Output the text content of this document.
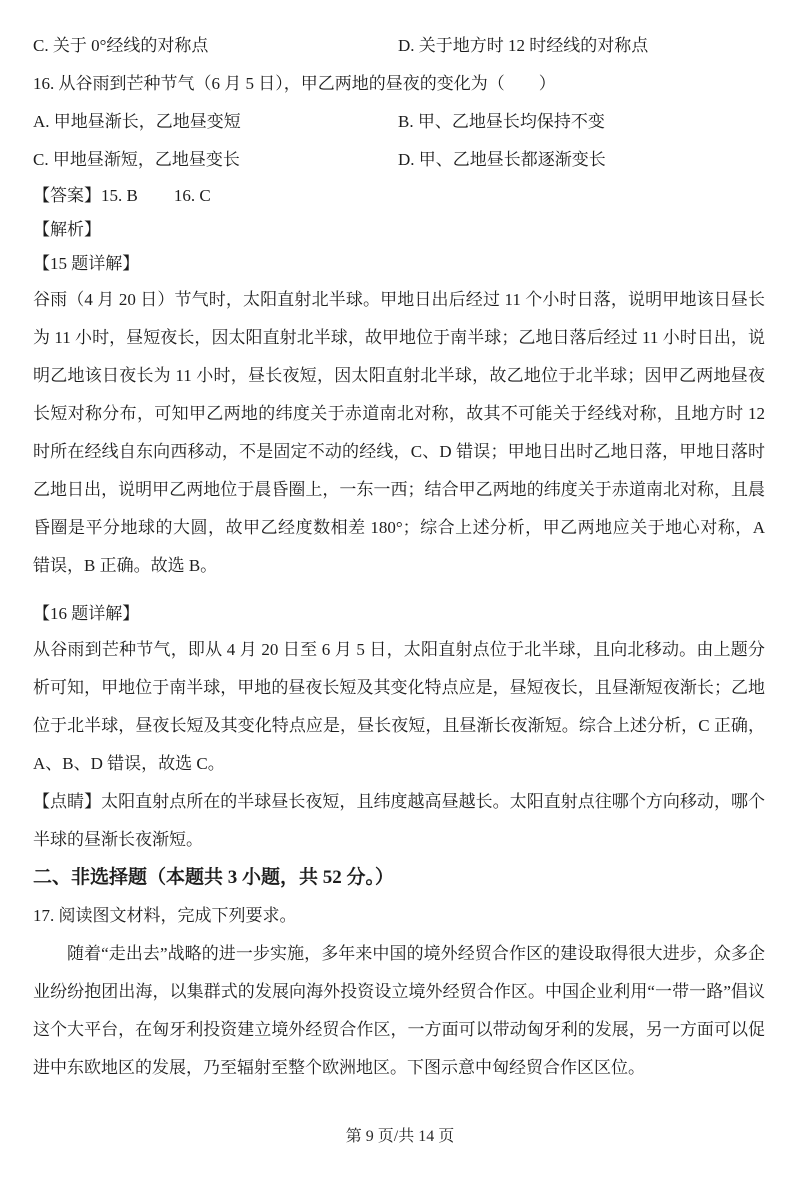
C. 关于 0°经线的对称点	D. 关于地方时 12 时经线的对称点
16. 从谷雨到芒种节气（6 月 5 日），甲乙两地的昼夜的变化为（　　）
A. 甲地昼渐长，乙地昼变短	B. 甲、乙地昼长均保持不变
C. 甲地昼渐短，乙地昼变长	D. 甲、乙地昼长都逐渐变长
【答案】15. B 16. C
【解析】
【15 题详解】
谷雨（4 月 20 日）节气时，太阳直射北半球。甲地日出后经过 11 个小时日落，说明甲地该日昼长为 11 小时，昼短夜长，因太阳直射北半球，故甲地位于南半球；乙地日落后经过 11 小时日出，说明乙地该日夜长为 11 小时，昼长夜短，因太阳直射北半球，故乙地位于北半球；因甲乙两地昼夜长短对称分布，可知甲乙两地的纬度关于赤道南北对称，故其不可能关于经线对称，且地方时 12 时所在经线自东向西移动，不是固定不动的经线，C、D 错误；甲地日出时乙地日落，甲地日落时乙地日出，说明甲乙两地位于晨昏圈上，一东一西；结合甲乙两地的纬度关于赤道南北对称，且晨昏圈是平分地球的大圆，故甲乙经度数相差 180°；综合上述分析，甲乙两地应关于地心对称，A 错误，B 正确。故选 B。
【16 题详解】
从谷雨到芒种节气，即从 4 月 20 日至 6 月 5 日，太阳直射点位于北半球，且向北移动。由上题分析可知，甲地位于南半球，甲地的昼夜长短及其变化特点应是，昼短夜长，且昼渐短夜渐长；乙地位于北半球，昼夜长短及其变化特点应是，昼长夜短，且昼渐长夜渐短。综合上述分析，C 正确，A、B、D 错误，故选 C。
【点睛】太阳直射点所在的半球昼长夜短，且纬度越高昼越长。太阳直射点往哪个方向移动，哪个半球的昼渐长夜渐短。
二、非选择题（本题共 3 小题，共 52 分。）
17. 阅读图文材料，完成下列要求。
随着“走出去”战略的进一步实施，多年来中国的境外经贸合作区的建设取得很大进步，众多企业纷纷抱团出海，以集群式的发展向海外投资设立境外经贸合作区。中国企业利用“一带一路”倡议这个大平台，在匈牙利投资建立境外经贸合作区，一方面可以带动匈牙利的发展，另一方面可以促进中东欧地区的发展，乃至辐射至整个欧洲地区。下图示意中匈经贸合作区区位。
第 9 页/共 14 页
